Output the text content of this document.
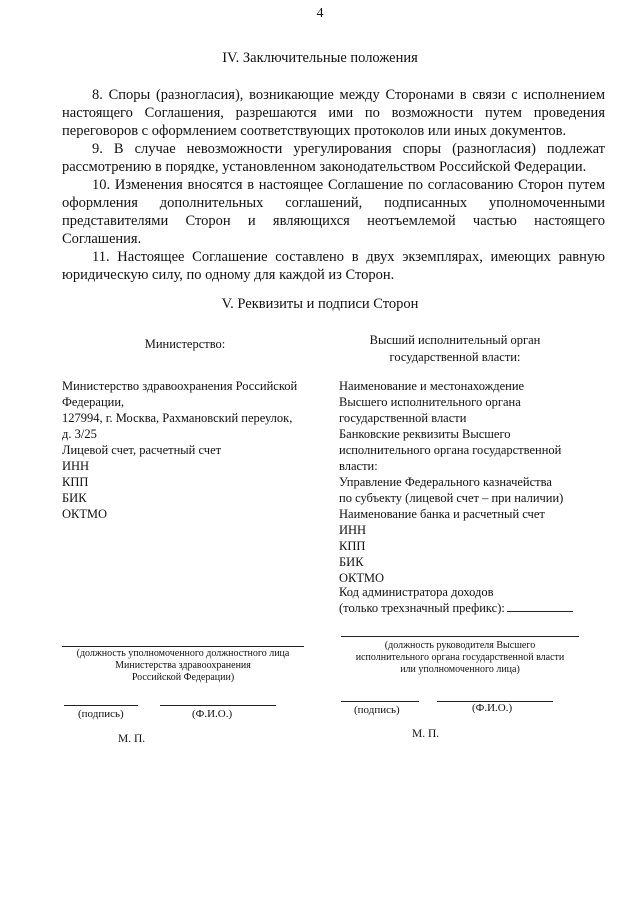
4
IV. Заключительные положения

8. Споры (разногласия), возникающие между Сторонами в связи с исполнением настоящего Соглашения, разрешаются ими по возможности путем проведения переговоров с оформлением соответствующих протоколов или иных документов.

9. В случае невозможности урегулирования споры (разногласия) подлежат рассмотрению в порядке, установленном законодательством Российской Федерации.

10. Изменения вносятся в настоящее Соглашение по согласованию Сторон путем оформления дополнительных соглашений, подписанных уполномоченными представителями Сторон и являющихся неотъемлемой частью настоящего Соглашения.

11. Настоящее Соглашение составлено в двух экземплярах, имеющих равную юридическую силу, по одному для каждой из Сторон.

V. Реквизиты и подписи Сторон

Министерство:

Министерство здравоохранения Российской
Федерации,
127994, г. Москва, Рахмановский переулок,
д. 3/25
Лицевой счет, расчетный счет
ИНН
КПП
БИК
ОКТМО
(должность уполномоченного должностного лица
Министерства здравоохранения
Российской Федерации)
(подпись)	(Ф.И.О.)
М. П.
Высший исполнительный орган
государственной власти:
Наименование и местонахождение
Высшего исполнительного органа
государственной власти
Банковские реквизиты Высшего
исполнительного органа государственной
власти:
Управление Федерального казначейства
по субъекту (лицевой счет – при наличии)
Наименование банка и расчетный счет
ИНН
КПП
БИК
ОКТМО
Код администратора доходов
(только трехзначный префикс):
(должность руководителя Высшего
исполнительного органа государственной власти
или уполномоченного лица)
(подпись)	(Ф.И.О.)
М. П.
